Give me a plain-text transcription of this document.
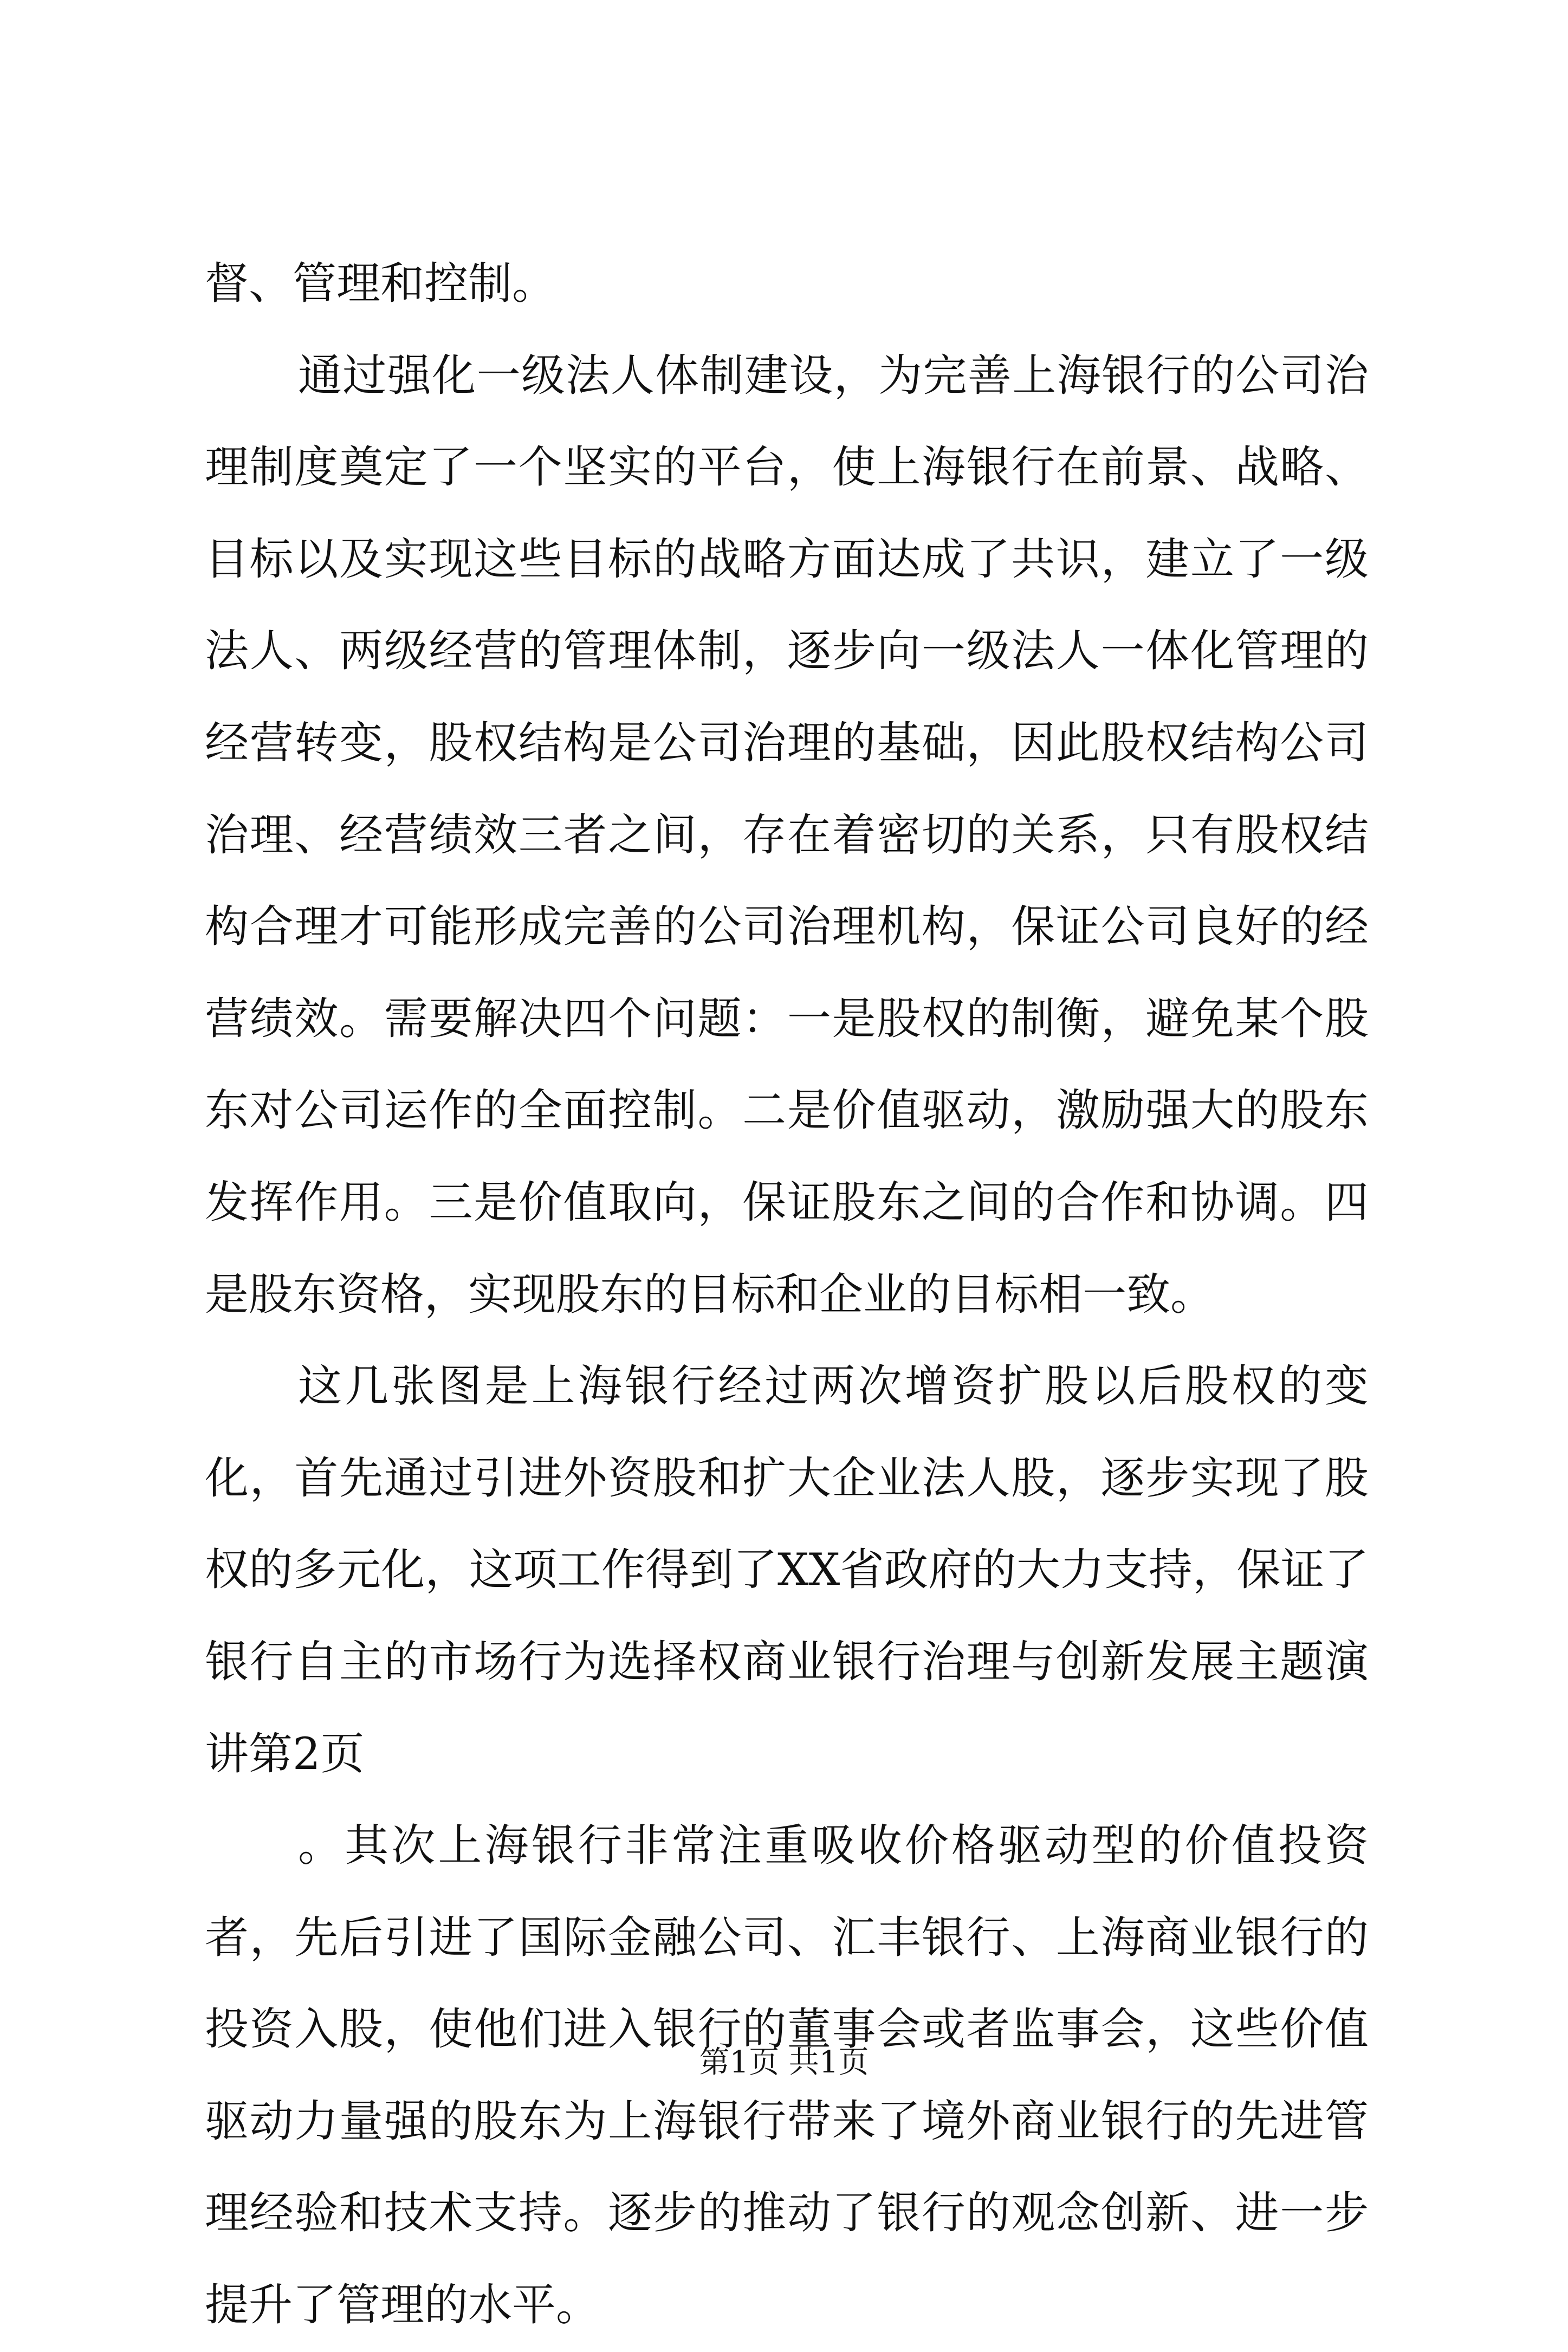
督、管理和控制。

通过强化一级法人体制建设，为完善上海银行的公司治理制度奠定了一个坚实的平台，使上海银行在前景、战略、目标以及实现这些目标的战略方面达成了共识，建立了一级法人、两级经营的管理体制，逐步向一级法人一体化管理的经营转变，股权结构是公司治理的基础，因此股权结构公司治理、经营绩效三者之间，存在着密切的关系，只有股权结构合理才可能形成完善的公司治理机构，保证公司良好的经营绩效。需要解决四个问题：一是股权的制衡，避免某个股东对公司运作的全面控制。二是价值驱动，激励强大的股东发挥作用。三是价值取向，保证股东之间的合作和协调。四是股东资格，实现股东的目标和企业的目标相一致。

这几张图是上海银行经过两次增资扩股以后股权的变化，首先通过引进外资股和扩大企业法人股，逐步实现了股权的多元化，这项工作得到了XX省政府的大力支持，保证了银行自主的市场行为选择权商业银行治理与创新发展主题演讲第2页

。其次上海银行非常注重吸收价格驱动型的价值投资者，先后引进了国际金融公司、汇丰银行、上海商业银行的投资入股，使他们进入银行的董事会或者监事会，这些价值驱动力量强的股东为上海银行带来了境外商业银行的先进管理经验和技术支持。逐步的推动了银行的观念创新、进一步提升了管理的水平。

第1页 共1页
